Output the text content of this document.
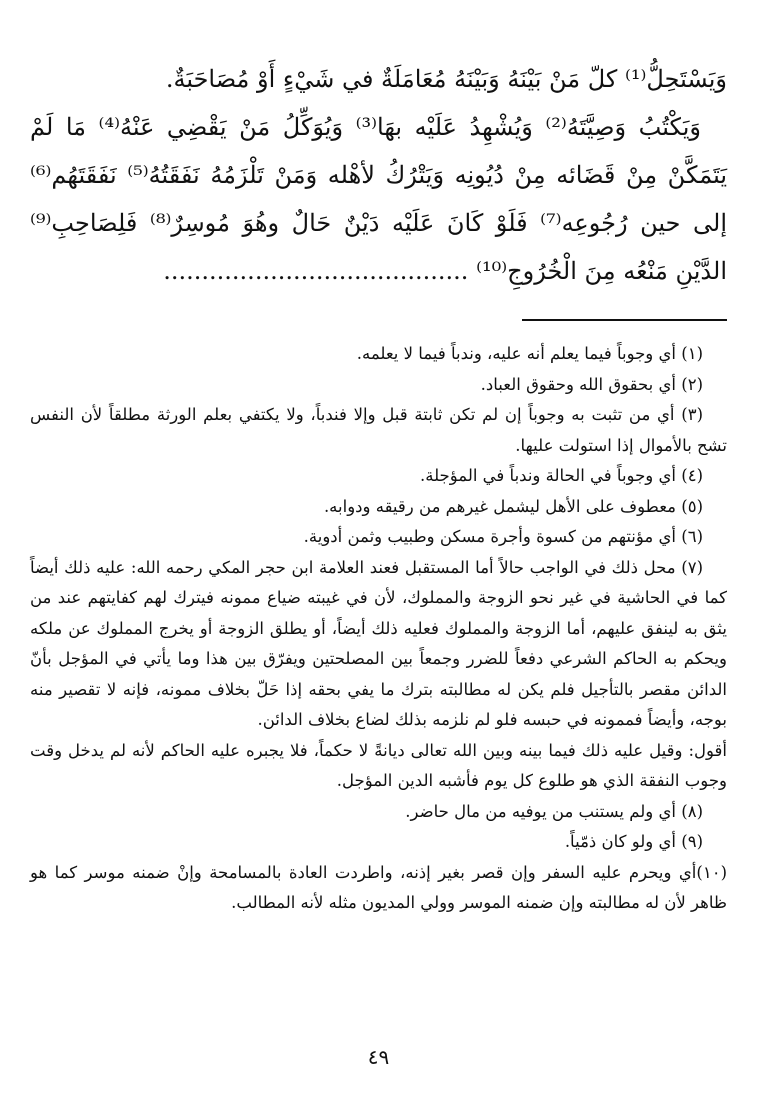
وَيَسْتَحِلُّ⁽¹⁾ كلّ مَنْ بَيْنَهُ وَبَيْنَهُ مُعَامَلَةٌ في شَيْءٍ أَوْ مُصَاحَبَةٌ.

وَيَكْتُبُ وَصِيَّتَهُ⁽²⁾ وَيُشْهِدُ عَلَيْه بهَا⁽³⁾ وَيُوَكِّلُ مَنْ يَقْضِي عَنْهُ⁽⁴⁾ مَا لَمْ يَتَمَكَّنْ مِنْ قَضَائه مِنْ دُيُونِه وَيَتْرُكُ لأهْله وَمَنْ تَلْزَمُهُ نَفَقَتُهُ⁽⁵⁾ نَفَقَتَهُم⁽⁶⁾ إلى حين رُجُوعِه⁽⁷⁾ فَلَوْ كَانَ عَلَيْه دَيْنٌ حَالٌ وهُوَ مُوسِرٌ⁽⁸⁾ فَلِصَاحِبِ⁽⁹⁾ الدَّيْنِ مَنْعُه مِنَ الْخُرُوجِ⁽¹⁰⁾ ........................................

(١) أي وجوباً فيما يعلم أنه عليه، وندباً فيما لا يعلمه.

(٢) أي بحقوق الله وحقوق العباد.

(٣) أي من تثبت به وجوباً إن لم تكن ثابتة قبل وإلا فندباً، ولا يكتفي بعلم الورثة مطلقاً لأن النفس تشح بالأموال إذا استولت عليها.

(٤) أي وجوباً في الحالة وندباً في المؤجلة.

(٥) معطوف على الأهل ليشمل غيرهم من رقيقه ودوابه.

(٦) أي مؤنتهم من كسوة وأجرة مسكن وطبيب وثمن أدوية.

(٧) محل ذلك في الواجب حالاً أما المستقبل فعند العلامة ابن حجر المكي رحمه الله: عليه ذلك أيضاً كما في الحاشية في غير نحو الزوجة والمملوك، لأن في غيبته ضياع ممونه فيترك لهم كفايتهم عند من يثق به لينفق عليهم، أما الزوجة والمملوك فعليه ذلك أيضاً، أو يطلق الزوجة أو يخرج المملوك عن ملكه ويحكم به الحاكم الشرعي دفعاً للضرر وجمعاً بين المصلحتين ويفرّق بين هذا وما يأتي في المؤجل بأنّ الدائن مقصر بالتأجيل فلم يكن له مطالبته بترك ما يفي بحقه إذا حَلّ بخلاف ممونه، فإنه لا تقصير منه بوجه، وأيضاً فممونه في حبسه فلو لم نلزمه بذلك لضاع بخلاف الدائن.

أقول: وقيل عليه ذلك فيما بينه وبين الله تعالى ديانةً لا حكماً، فلا يجبره عليه الحاكم لأنه لم يدخل وقت وجوب النفقة الذي هو طلوع كل يوم فأشبه الدين المؤجل.

(٨) أي ولم يستنب من يوفيه من مال حاضر.

(٩) أي ولو كان ذمّياً.

(١٠)أي ويحرم عليه السفر وإن قصر بغير إذنه، واطردت العادة بالمسامحة وإنْ ضمنه موسر كما هو ظاهر لأن له مطالبته وإن ضمنه الموسر وولي المديون مثله لأنه المطالب.

٤٩
